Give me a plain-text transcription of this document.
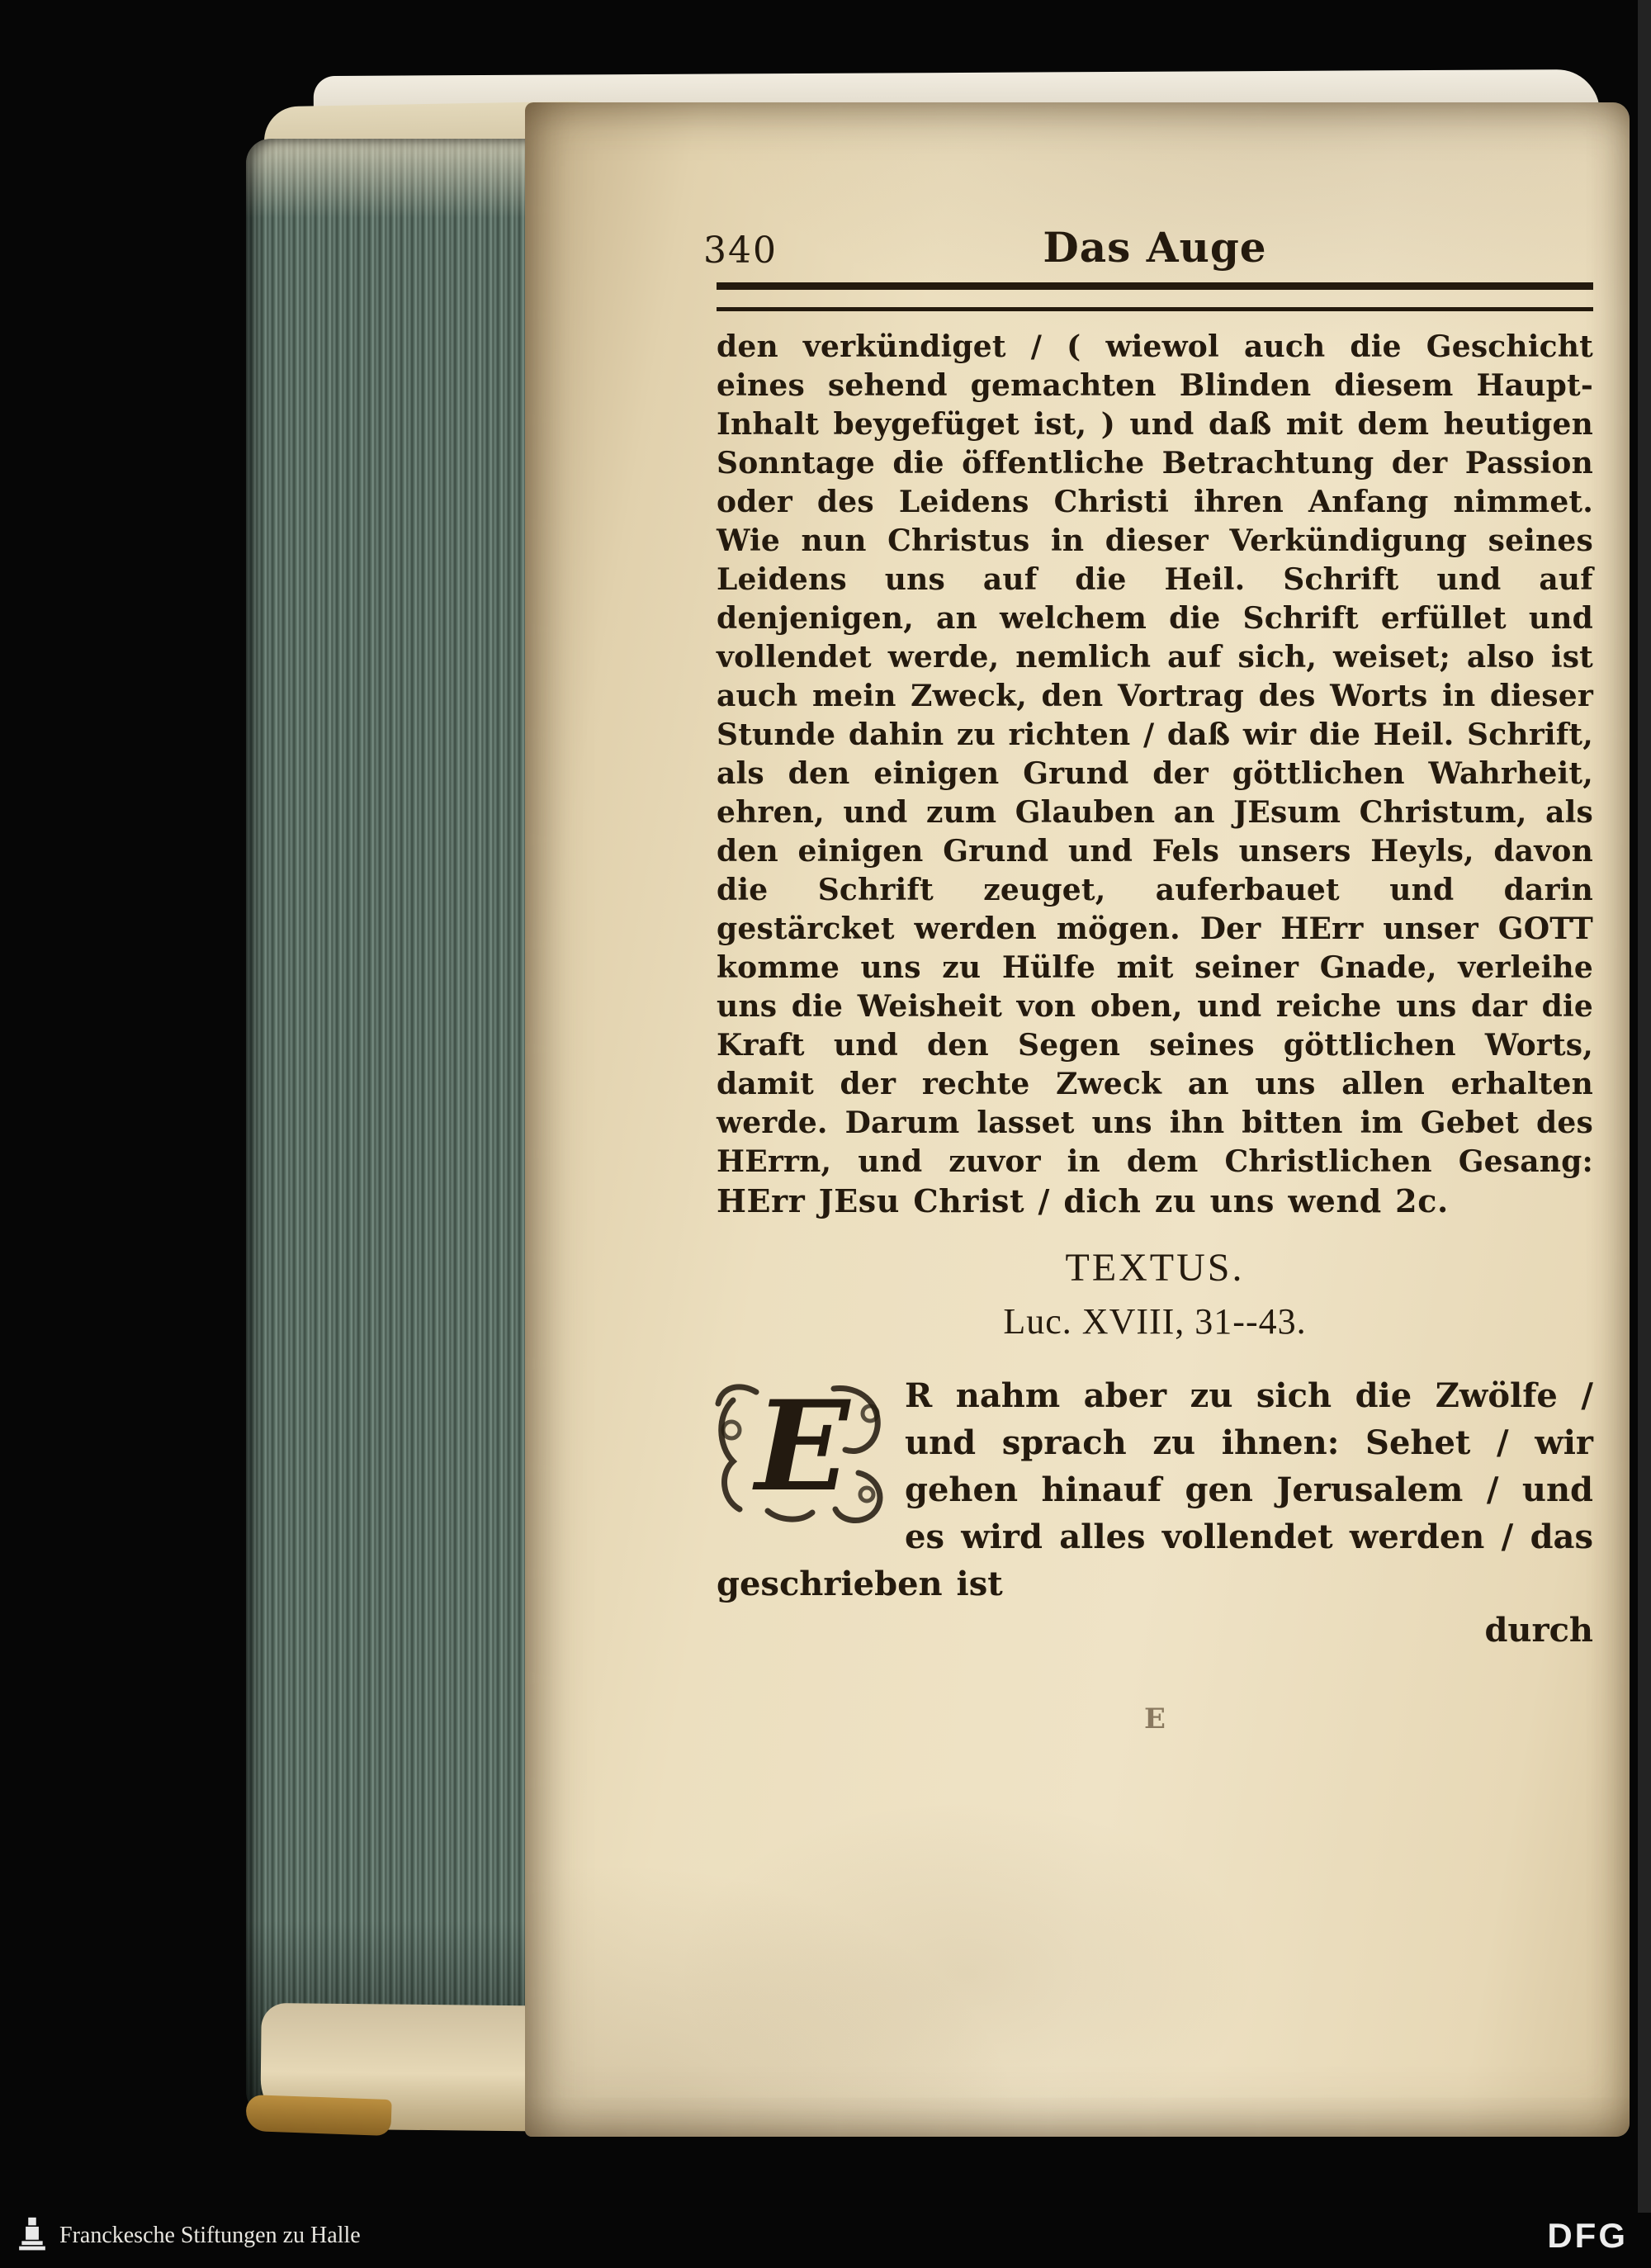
340	Das Auge

den verkündiget / ( wiewol auch die Geschicht eines sehend gemachten Blinden diesem Haupt-Inhalt beygefüget ist, ) und daß mit dem heutigen Sonntage die öffentliche Betrachtung der Passion oder des Leidens Christi ihren Anfang nimmet. Wie nun Christus in dieser Verkündigung seines Leidens uns auf die Heil. Schrift und auf denjenigen, an welchem die Schrift erfüllet und vollendet werde, nemlich auf sich, weiset; also ist auch mein Zweck, den Vortrag des Worts in dieser Stunde dahin zu richten / daß wir die Heil. Schrift, als den einigen Grund der göttlichen Wahrheit, ehren, und zum Glauben an JEsum Christum, als den einigen Grund und Fels unsers Heyls, davon die Schrift zeuget, auferbauet und darin gestärcket werden mögen. Der HErr unser GOTT komme uns zu Hülfe mit seiner Gnade, verleihe uns die Weisheit von oben, und reiche uns dar die Kraft und den Segen seines göttlichen Worts, damit der rechte Zweck an uns allen erhalten werde. Darum lasset uns ihn bitten im Gebet des HErrn, und zuvor in dem Christlichen Gesang: HErr JEsu Christ / dich zu uns wend 2c.

TEXTUS.
Luc. XVIII, 31--43.
E R nahm aber zu sich die Zwölfe / und sprach zu ihnen: Sehet / wir gehen hinauf gen Jerusalem / und es wird alles vollendet werden / das geschrieben ist
durch
E
Franckesche Stiftungen zu Halle	DFG
